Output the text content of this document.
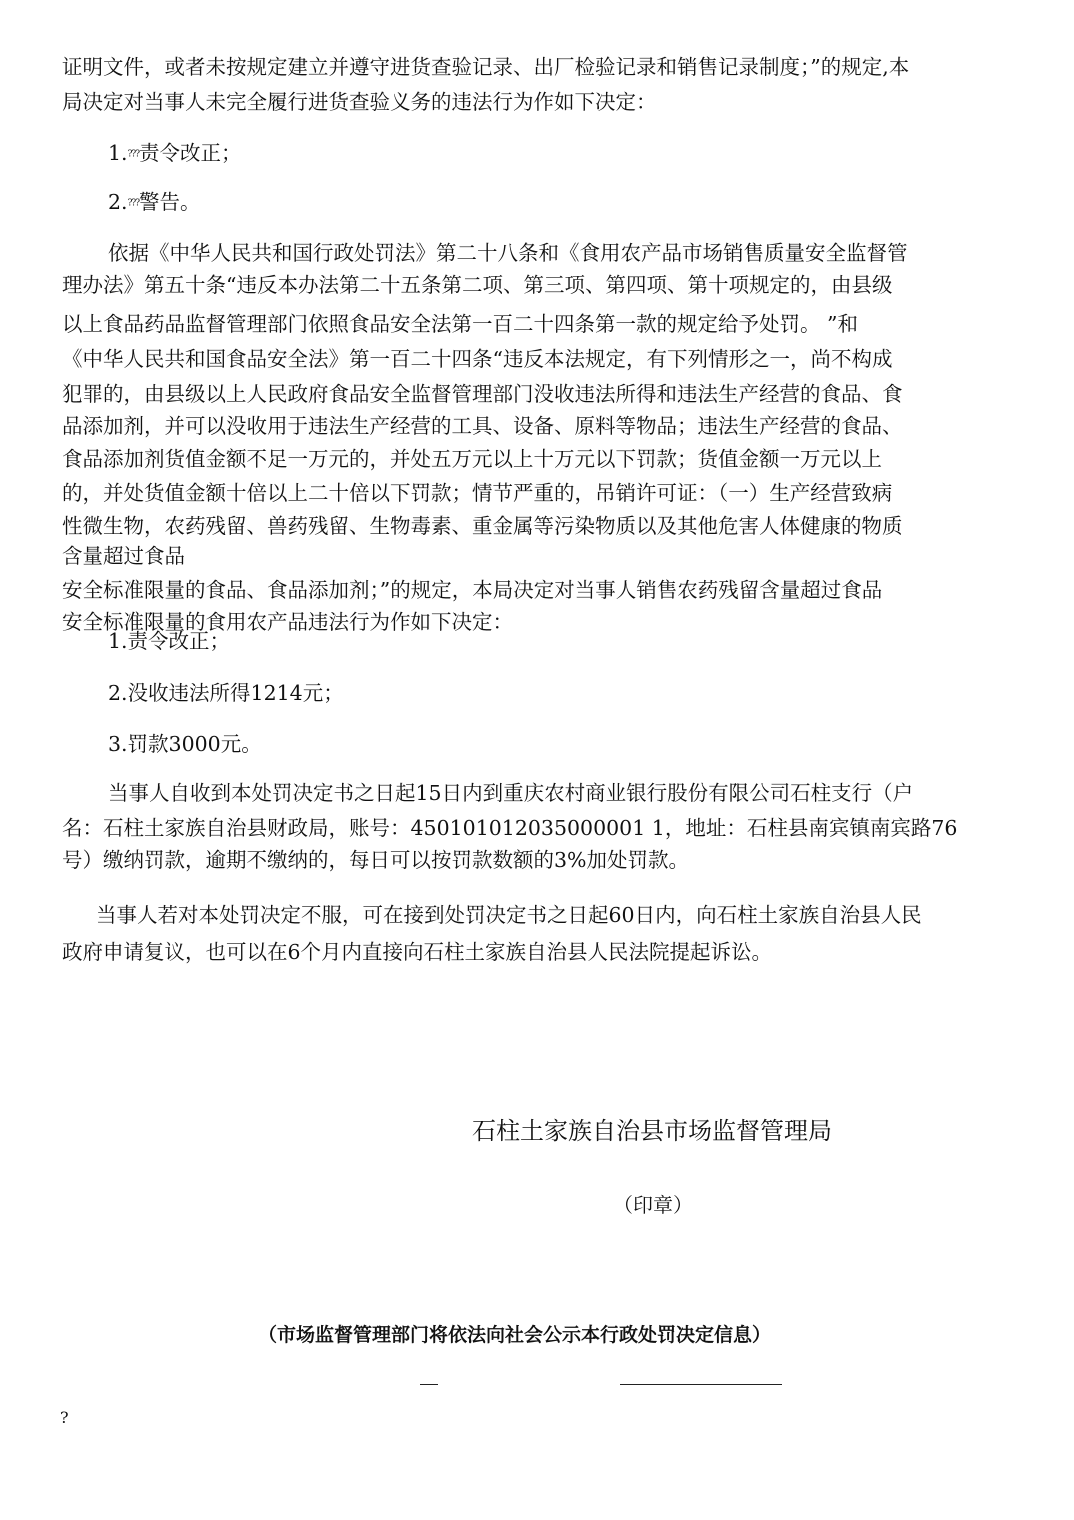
证明文件，或者未按规定建立并遵守进货查验记录、出厂检验记录和销售记录制度；”的规定,本
局决定对当事人未完全履行进货查验义务的违法行为作如下决定：
1.???责令改正；
2.???警告。
依据《中华人民共和国行政处罚法》第二十八条和《食用农产品市场销售质量安全监督管
理办法》第五十条“违反本办法第二十五条第二项、第三项、第四项、第十项规定的，由县级
以上食品药品监督管理部门依照食品安全法第一百二十四条第一款的规定给予处罚。 ”和
《中华人民共和国食品安全法》第一百二十四条“违反本法规定，有下列情形之一，尚不构成
犯罪的，由县级以上人民政府食品安全监督管理部门没收违法所得和违法生产经营的食品、食
品添加剂，并可以没收用于违法生产经营的工具、设备、原料等物品；违法生产经营的食品、
食品添加剂货值金额不足一万元的，并处五万元以上十万元以下罚款；货值金额一万元以上
的，并处货值金额十倍以上二十倍以下罚款；情节严重的，吊销许可证：（一）生产经营致病
性微生物，农药残留、兽药残留、生物毒素、重金属等污染物质以及其他危害人体健康的物质
含量超过食品
安全标准限量的食品、食品添加剂；”的规定，本局决定对当事人销售农药残留含量超过食品
安全标准限量的食用农产品违法行为作如下决定：
1.责令改正；
2.没收违法所得1214元；
3.罚款3000元。
当事人自收到本处罚决定书之日起15日内到重庆农村商业银行股份有限公司石柱支行（户
名：石柱土家族自治县财政局，账号：450101012035000001 1，地址：石柱县南宾镇南宾路76
号）缴纳罚款，逾期不缴纳的，每日可以按罚款数额的3%加处罚款。
当事人若对本处罚决定不服，可在接到处罚决定书之日起60日内，向石柱土家族自治县人民
政府申请复议，也可以在6个月内直接向石柱土家族自治县人民法院提起诉讼。
石柱土家族自治县市场监督管理局
（印章）
（市场监督管理部门将依法向社会公示本行政处罚决定信息）
?
